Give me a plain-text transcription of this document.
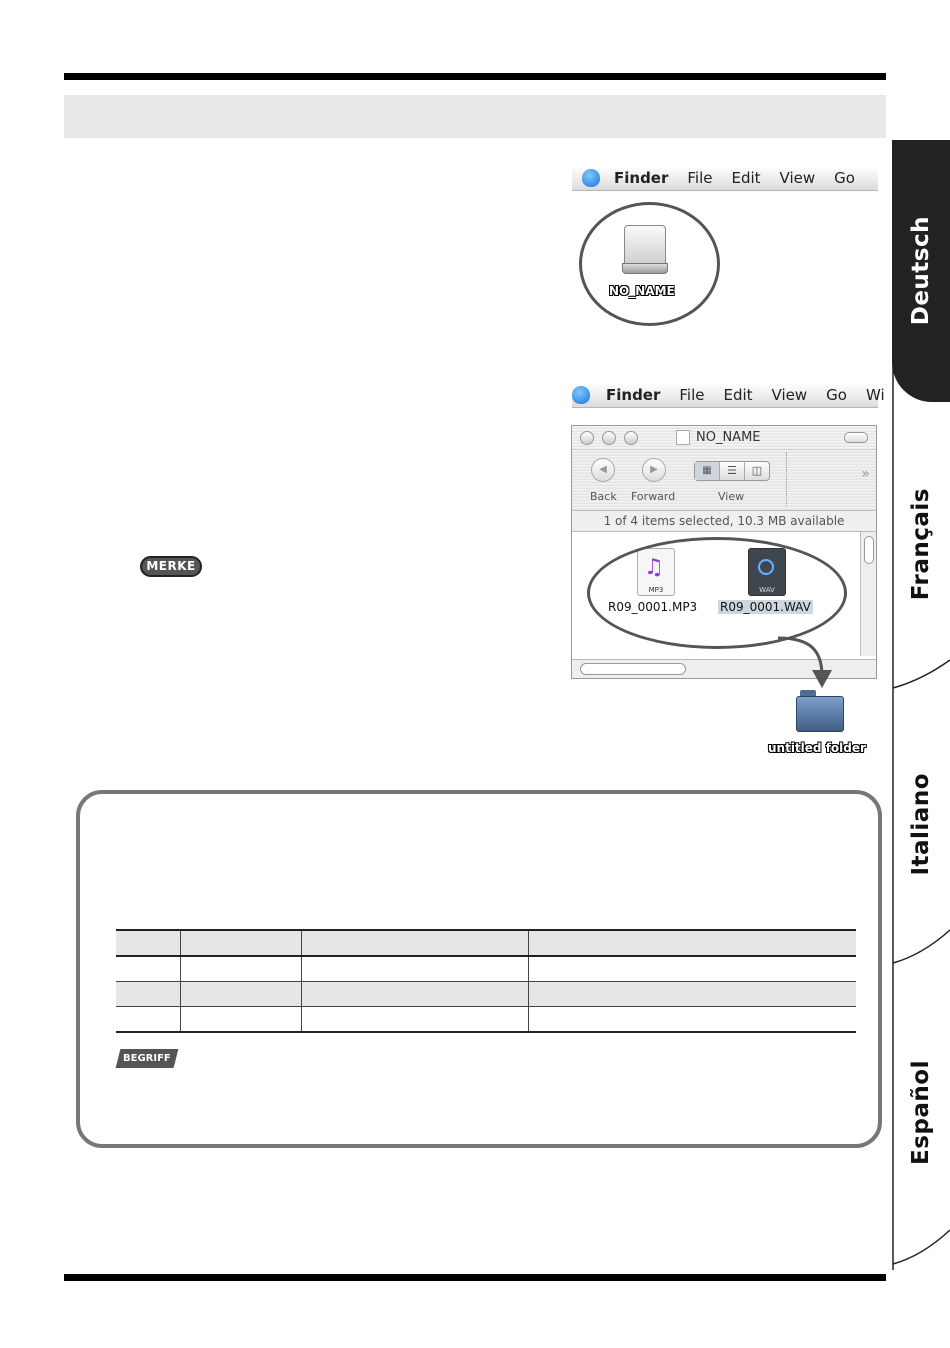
Finder File Edit View Go
NO_NAME
Finder File Edit View Go Wi
NO_NAME
◀
Back
▶
Forward
▦	☰	◫
View
»
1 of 4 items selected, 10.3 MB available
♫
MP3
R09_0001.MP3
WAV
R09_0001.WAV
untitled folder
MERKE

BEGRIFF
Deutsch
Français
Italiano
Español
